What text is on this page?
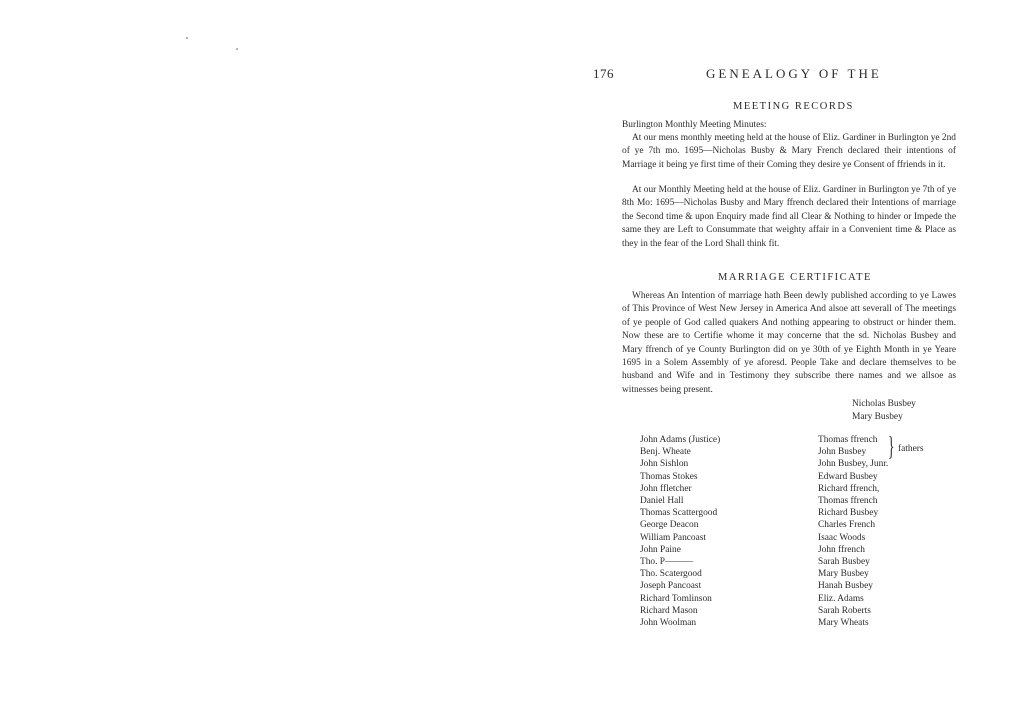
176	GENEALOGY OF THE
MEETING RECORDS

Burlington Monthly Meeting Minutes:

At our mens monthly meeting held at the house of Eliz. Gardiner in Burlington ye 2nd of ye 7th mo. 1695—Nicholas Busby & Mary French declared their intentions of Marriage it being ye first time of their Coming they desire ye Consent of ffriends in it.

At our Monthly Meeting held at the house of Eliz. Gardiner in Burlington ye 7th of ye 8th Mo: 1695—Nicholas Busby and Mary ffrench declared their Intentions of marriage the Second time & upon Enquiry made find all Clear & Nothing to hinder or Impede the same they are Left to Consummate that weighty affair in a Convenient time & Place as they in the fear of the Lord Shall think fit.

MARRIAGE CERTIFICATE

Whereas An Intention of marriage hath Been dewly published according to ye Lawes of This Province of West New Jersey in America And alsoe att severall of The meetings of ye people of God called quakers And nothing appearing to obstruct or hinder them. Now these are to Certifie whome it may concerne that the sd. Nicholas Busbey and Mary ffrench of ye County Burlington did on ye 30th of ye Eighth Month in ye Yeare 1695 in a Solem Assembly of ye aforesd. People Take and declare themselves to be husband and Wife and in Testimony they subscribe there names and we allsoe as witnesses being present.

Nicholas Busbey
Mary Busbey
John Adams (Justice)
Benj. Wheate
John Sishlon
Thomas Stokes
John ffletcher
Daniel Hall
Thomas Scattergood
George Deacon
William Pancoast
John Paine
Tho. P———
Tho. Scatergood
Joseph Pancoast
Richard Tomlinson
Richard Mason
John Woolman
Thomas ffrench
John Busbey
John Busbey, Junr.
Edward Busbey
Richard ffrench,
Thomas ffrench
Richard Busbey
Charles French
Isaac Woods
John ffrench
Sarah Busbey
Mary Busbey
Hanah Busbey
Eliz. Adams
Sarah Roberts
Mary Wheats
} fathers
